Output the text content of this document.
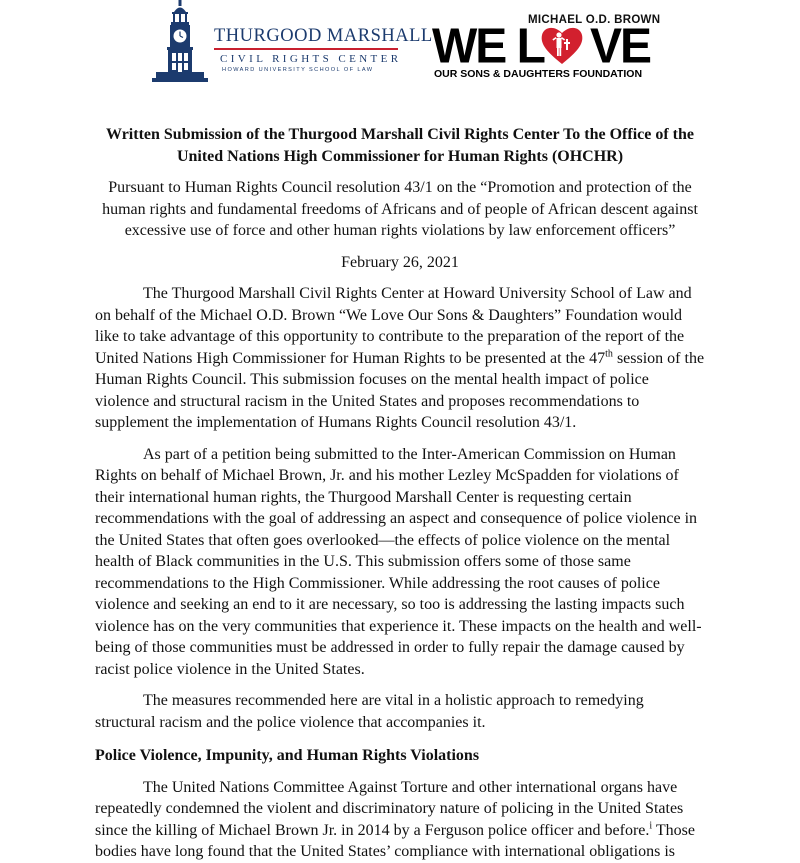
THURGOOD MARSHALL
CIVIL RIGHTS CENTER
HOWARD UNIVERSITY SCHOOL OF LAW
MICHAEL O.D. BROWN
WE L VE
OUR SONS & DAUGHTERS FOUNDATION

Written Submission of the Thurgood Marshall Civil Rights Center To the Office of the United Nations High Commissioner for Human Rights (OHCHR)

Pursuant to Human Rights Council resolution 43/1 on the “Promotion and protection of the human rights and fundamental freedoms of Africans and of people of African descent against excessive use of force and other human rights violations by law enforcement officers”

February 26, 2021

The Thurgood Marshall Civil Rights Center at Howard University School of Law and on behalf of the Michael O.D. Brown “We Love Our Sons & Daughters” Foundation would like to take advantage of this opportunity to contribute to the preparation of the report of the United Nations High Commissioner for Human Rights to be presented at the 47th session of the Human Rights Council. This submission focuses on the mental health impact of police violence and structural racism in the United States and proposes recommendations to supplement the implementation of Humans Rights Council resolution 43/1.

As part of a petition being submitted to the Inter-American Commission on Human Rights on behalf of Michael Brown, Jr. and his mother Lezley McSpadden for violations of their international human rights, the Thurgood Marshall Center is requesting certain recommendations with the goal of addressing an aspect and consequence of police violence in the United States that often goes overlooked—the effects of police violence on the mental health of Black communities in the U.S. This submission offers some of those same recommendations to the High Commissioner. While addressing the root causes of police violence and seeking an end to it are necessary, so too is addressing the lasting impacts such violence has on the very communities that experience it. These impacts on the health and well-being of those communities must be addressed in order to fully repair the damage caused by racist police violence in the United States.

The measures recommended here are vital in a holistic approach to remedying structural racism and the police violence that accompanies it.

Police Violence, Impunity, and Human Rights Violations

The United Nations Committee Against Torture and other international organs have repeatedly condemned the violent and discriminatory nature of policing in the United States since the killing of Michael Brown Jr. in 2014 by a Ferguson police officer and before.$^i$ Those bodies have long found that the United States’ compliance with international obligations is
